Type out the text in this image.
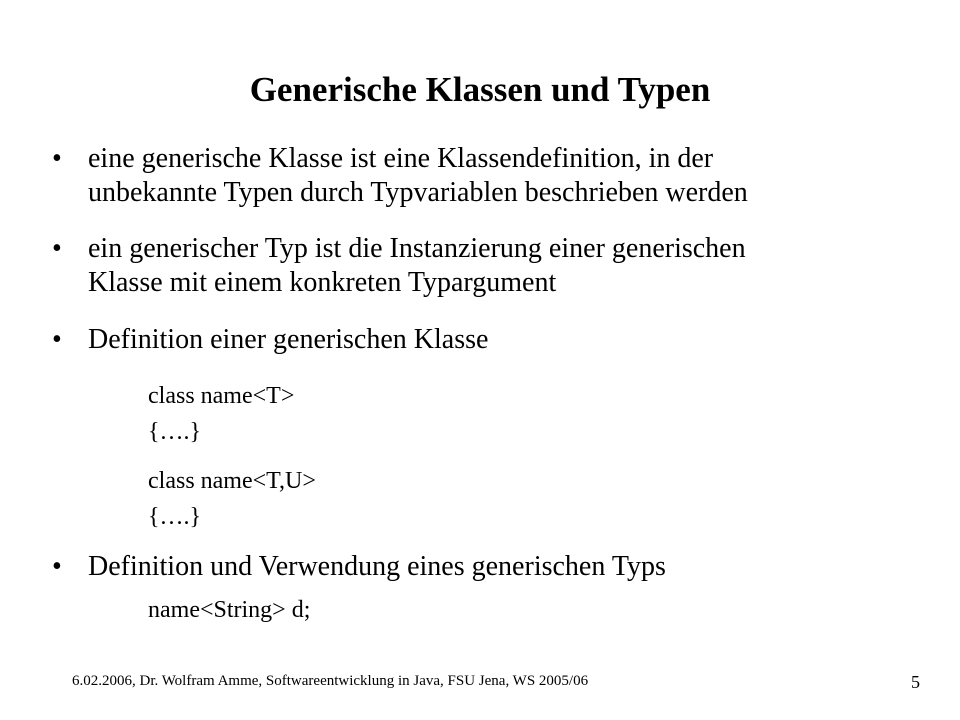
Generische Klassen und Typen
• eine generische Klasse ist eine Klassendefinition, in der
unbekannte Typen durch Typvariablen beschrieben werden
• ein generischer Typ ist die Instanzierung einer generischen
Klasse mit einem konkreten Typargument
• Definition einer generischen Klasse
class name<T>
{….}
class name<T,U>
{….}
• Definition und Verwendung eines generischen Typs
name<String> d;
6.02.2006, Dr. Wolfram Amme, Softwareentwicklung in Java, FSU Jena, WS 2005/06	5
